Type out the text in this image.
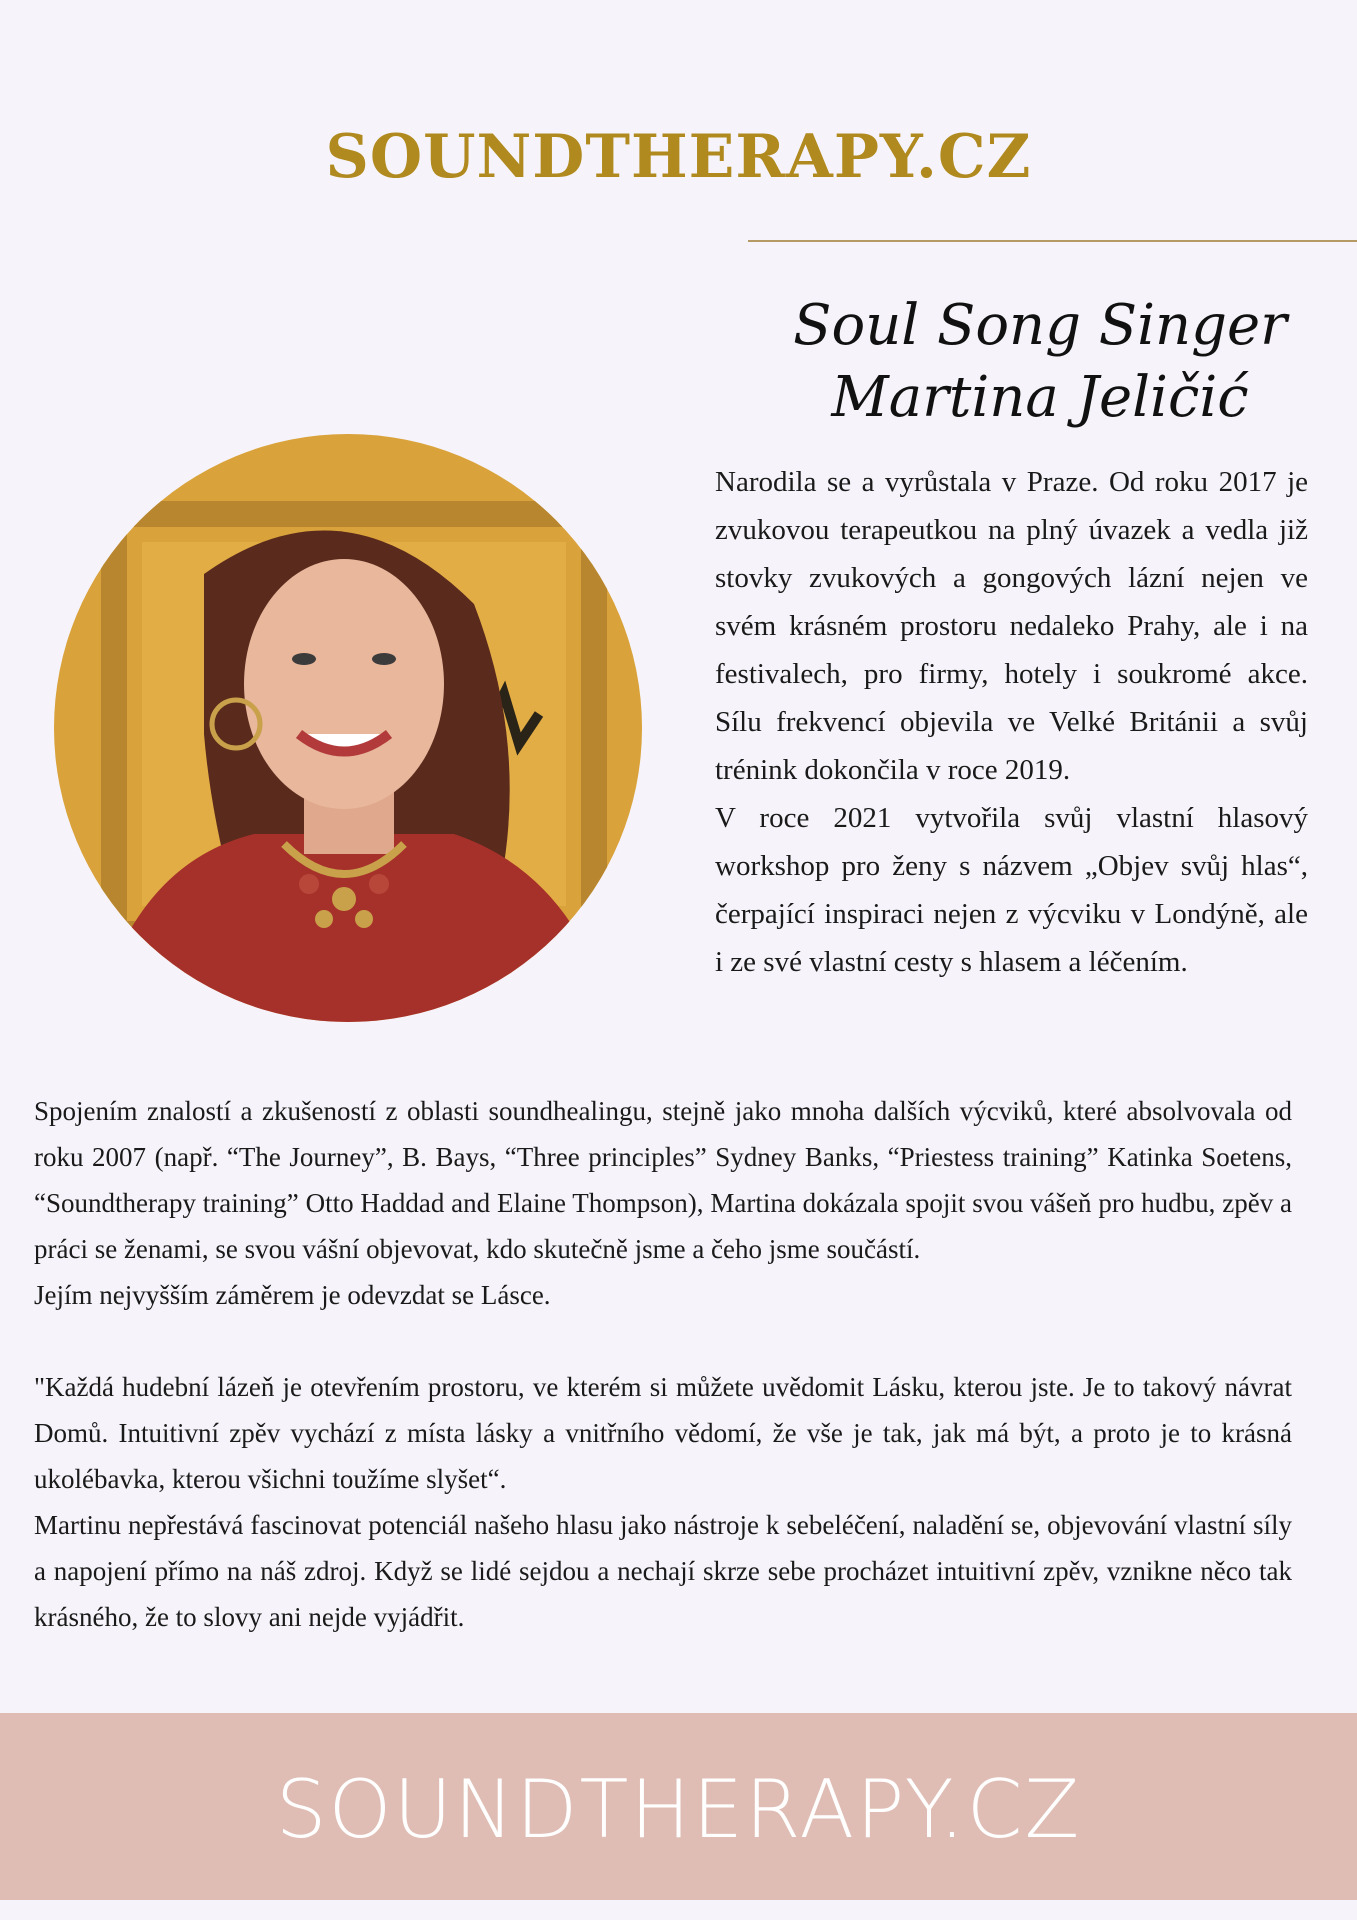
SOUNDTHERAPY.CZ
Soul Song Singer
Martina Jeličić

Narodila se a vyrůstala v Praze. Od roku 2017 je zvukovou terapeutkou na plný úvazek a vedla již stovky zvukových a gongových lázní nejen ve svém krásném prostoru nedaleko Prahy, ale i na festivalech, pro firmy, hotely i soukromé akce. Sílu frekvencí objevila ve Velké Británii a svůj trénink dokončila v roce 2019.

V roce 2021 vytvořila svůj vlastní hlasový workshop pro ženy s názvem „Objev svůj hlas“, čerpající inspiraci nejen z výcviku v Londýně, ale i ze své vlastní cesty s hlasem a léčením.

Spojením znalostí a zkušeností z oblasti soundhealingu, stejně jako mnoha dalších výcviků, které absolvovala od roku 2007 (např. “The Journey”, B. Bays, “Three principles” Sydney Banks, “Priestess training” Katinka Soetens, “Soundtherapy training” Otto Haddad and Elaine Thompson), Martina dokázala spojit svou vášeň pro hudbu, zpěv a práci se ženami, se svou vášní objevovat, kdo skutečně jsme a čeho jsme součástí.

Jejím nejvyšším záměrem je odevzdat se Lásce.

"Každá hudební lázeň je otevřením prostoru, ve kterém si můžete uvědomit Lásku, kterou jste. Je to takový návrat Domů. Intuitivní zpěv vychází z místa lásky a vnitřního vědomí, že vše je tak, jak má být, a proto je to krásná ukolébavka, kterou všichni toužíme slyšet“.

Martinu nepřestává fascinovat potenciál našeho hlasu jako nástroje k sebeléčení, naladění se, objevování vlastní síly a napojení přímo na náš zdroj. Když se lidé sejdou a nechají skrze sebe procházet intuitivní zpěv, vznikne něco tak krásného, že to slovy ani nejde vyjádřit.

SOUNDTHERAPY.CZ
